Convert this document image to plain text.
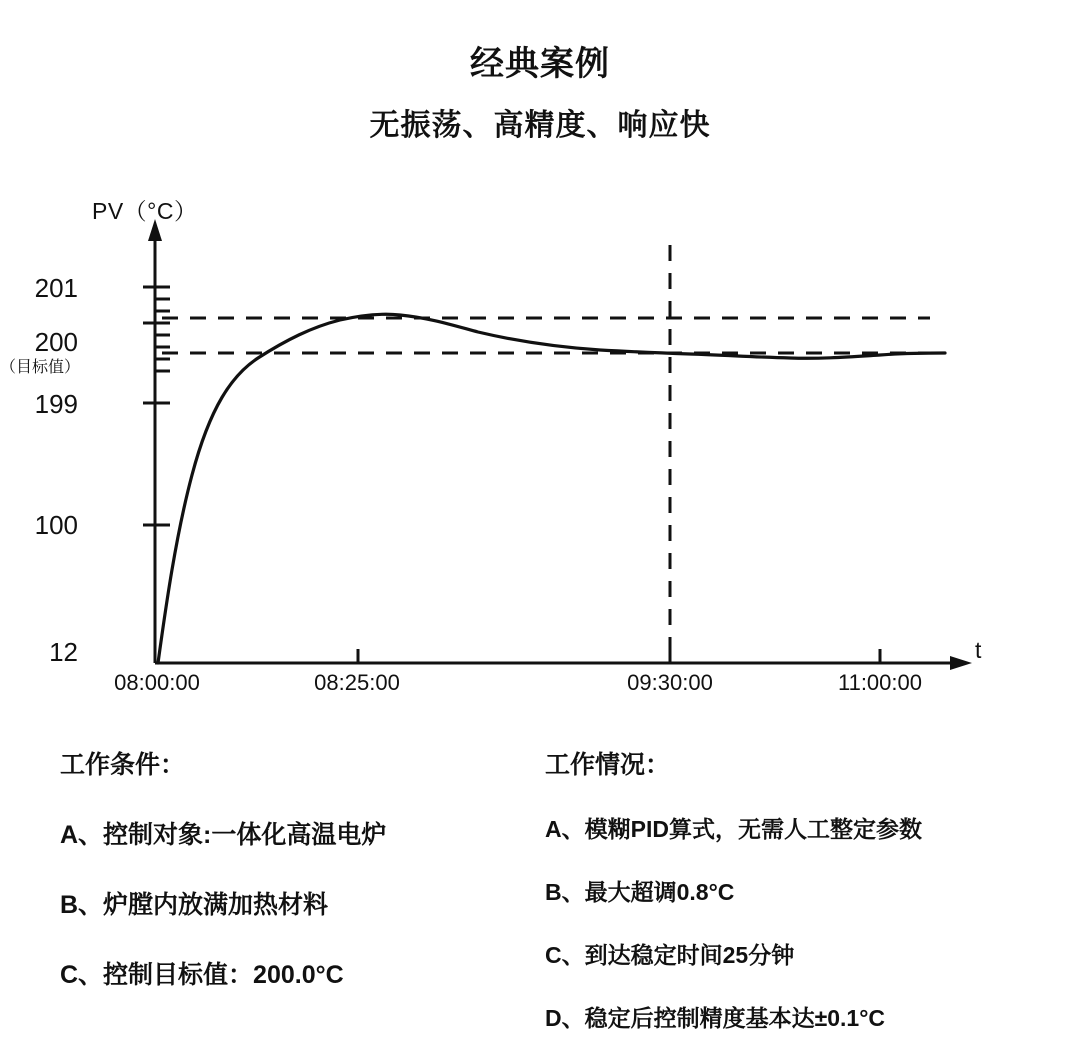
经典案例
无振荡、高精度、响应快
PV（°C）
t
201
200
（目标值）
199
100
12
08:00:00	08:25:00	09:30:00	11:00:00
工作条件：
A、控制对象:一体化高温电炉
B、炉膛内放满加热材料
C、控制目标值：200.0°C
工作情况：
A、模糊PID算式，无需人工整定参数
B、最大超调0.8°C
C、到达稳定时间25分钟
D、稳定后控制精度基本达±0.1°C
